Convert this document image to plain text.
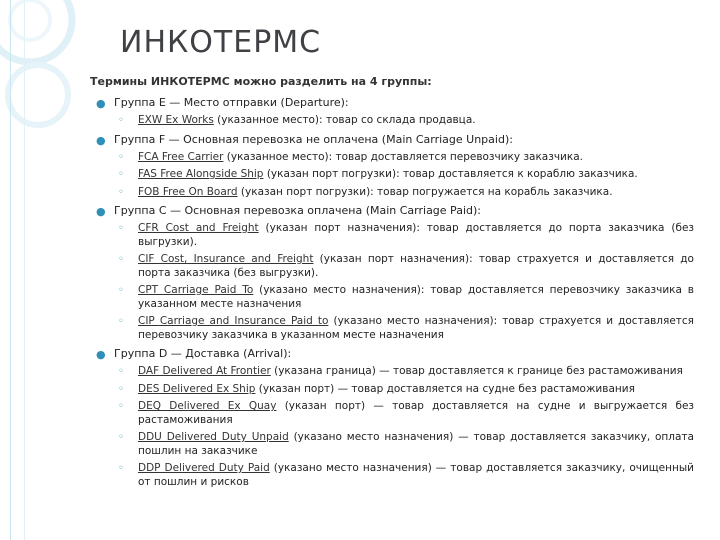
ИНКОТЕРМС
Термины ИНКОТЕРМС можно разделить на 4 группы:
● Группа E — Место отправки (Departure):
◦ EXW Ex Works (указанное место): товар со склада продавца.
● Группа F — Основная перевозка не оплачена (Main Carriage Unpaid):
◦ FCA Free Carrier (указанное место): товар доставляется перевозчику заказчика.
◦ FAS Free Alongside Ship (указан порт погрузки): товар доставляется к кораблю заказчика.
◦ FOB Free On Board (указан порт погрузки): товар погружается на корабль заказчика.
● Группа C — Основная перевозка оплачена (Main Carriage Paid):
◦ CFR Cost and Freight (указан порт назначения): товар доставляется до порта заказчика (без выгрузки).
◦ CIF Cost, Insurance and Freight (указан порт назначения): товар страхуется и доставляется до порта заказчика (без выгрузки).
◦ CPT Carriage Paid To (указано место назначения): товар доставляется перевозчику заказчика в указанном месте назначения
◦ CIP Carriage and Insurance Paid to (указано место назначения): товар страхуется и доставляется перевозчику заказчика в указанном месте назначения
● Группа D — Доставка (Arrival):
◦ DAF Delivered At Frontier (указана граница) — товар доставляется к границе без растаможивания
◦ DES Delivered Ex Ship (указан порт) — товар доставляется на судне без растаможивания
◦ DEQ Delivered Ex Quay (указан порт) — товар доставляется на судне и выгружается без растаможивания
◦ DDU Delivered Duty Unpaid (указано место назначения) — товар доставляется заказчику, оплата пошлин на заказчике
◦ DDP Delivered Duty Paid (указано место назначения) — товар доставляется заказчику, очищенный от пошлин и рисков
